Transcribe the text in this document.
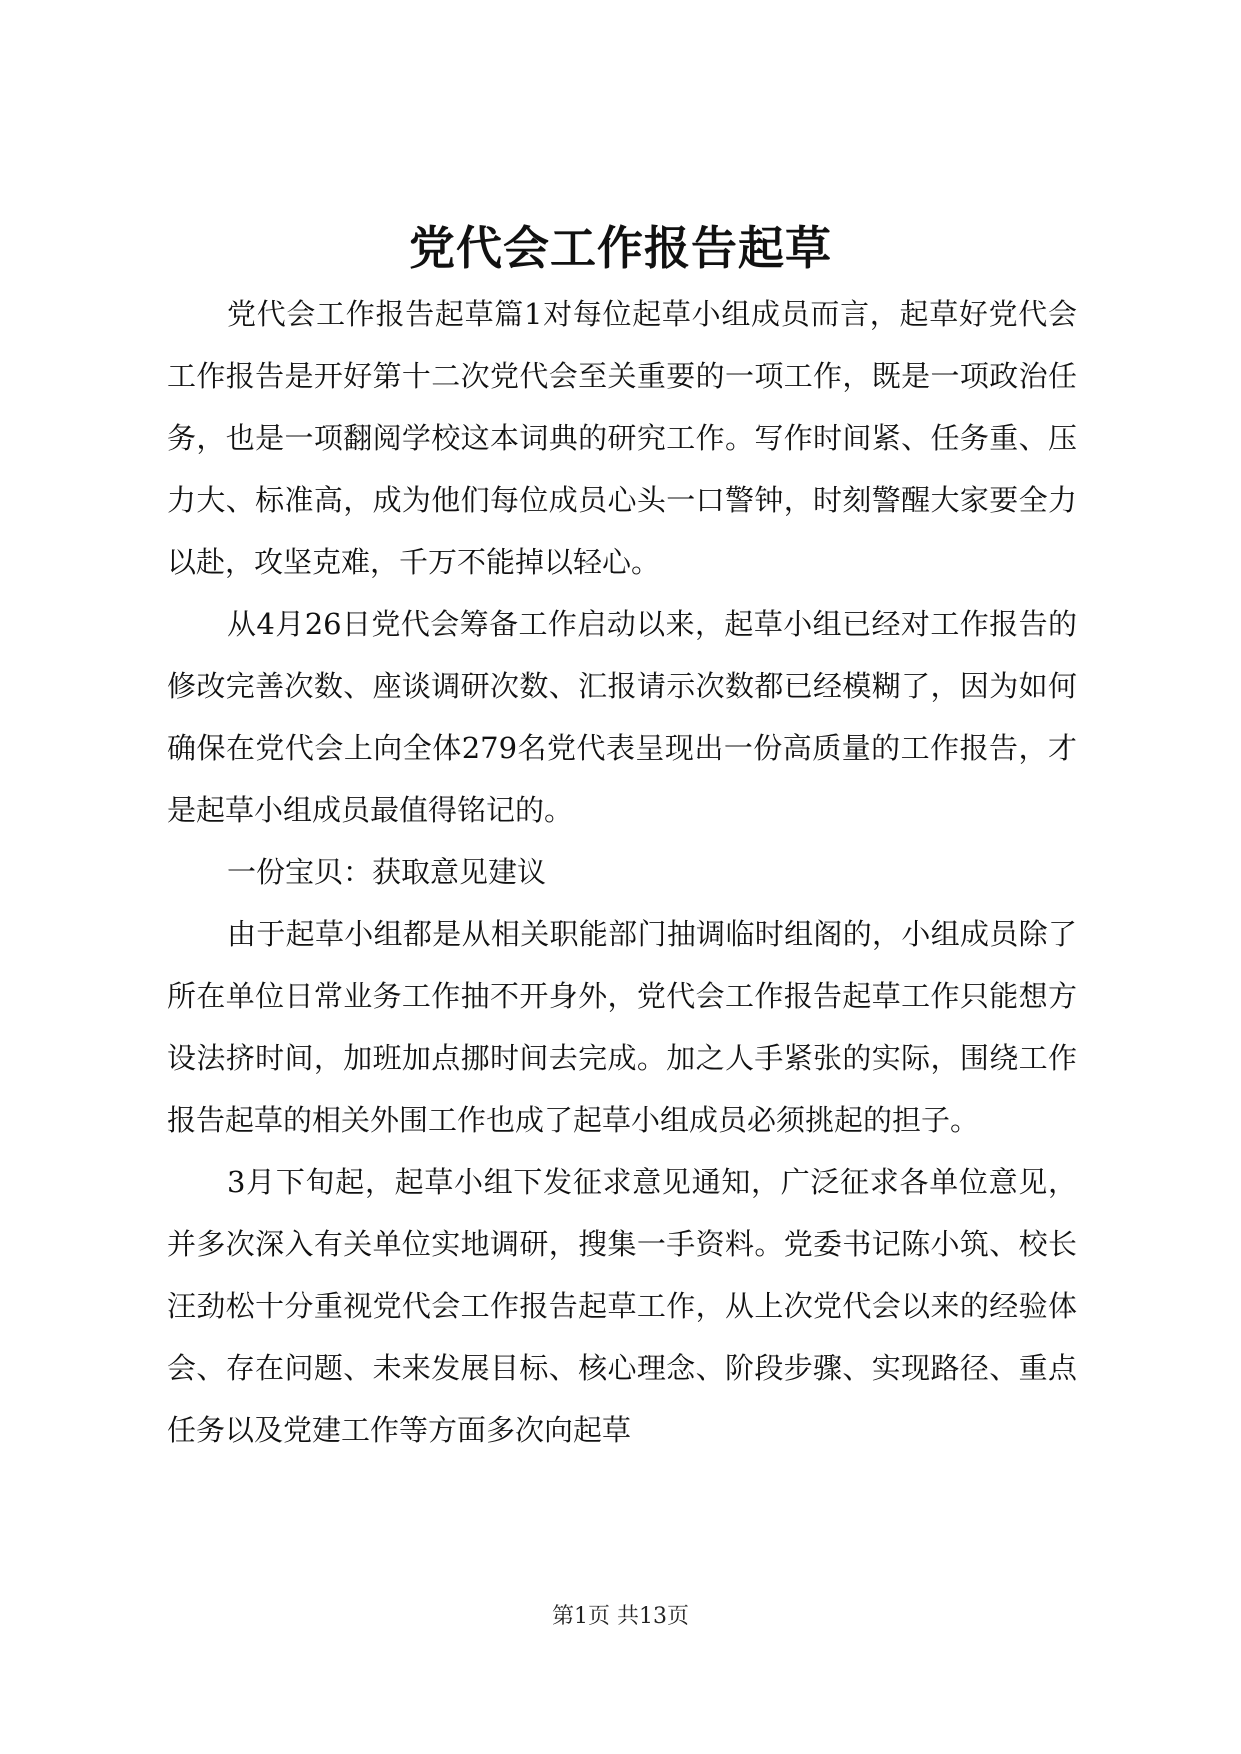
党代会工作报告起草

党代会工作报告起草篇1对每位起草小组成员而言，起草好党代会工作报告是开好第十二次党代会至关重要的一项工作，既是一项政治任务，也是一项翻阅学校这本词典的研究工作。写作时间紧、任务重、压力大、标准高，成为他们每位成员心头一口警钟，时刻警醒大家要全力以赴，攻坚克难，千万不能掉以轻心。

从4月26日党代会筹备工作启动以来，起草小组已经对工作报告的修改完善次数、座谈调研次数、汇报请示次数都已经模糊了，因为如何确保在党代会上向全体279名党代表呈现出一份高质量的工作报告，才是起草小组成员最值得铭记的。

一份宝贝：获取意见建议

由于起草小组都是从相关职能部门抽调临时组阁的，小组成员除了所在单位日常业务工作抽不开身外，党代会工作报告起草工作只能想方设法挤时间，加班加点挪时间去完成。加之人手紧张的实际，围绕工作报告起草的相关外围工作也成了起草小组成员必须挑起的担子。

3月下旬起，起草小组下发征求意见通知，广泛征求各单位意见，并多次深入有关单位实地调研，搜集一手资料。党委书记陈小筑、校长汪劲松十分重视党代会工作报告起草工作，从上次党代会以来的经验体会、存在问题、未来发展目标、核心理念、阶段步骤、实现路径、重点任务以及党建工作等方面多次向起草

第1页 共13页
